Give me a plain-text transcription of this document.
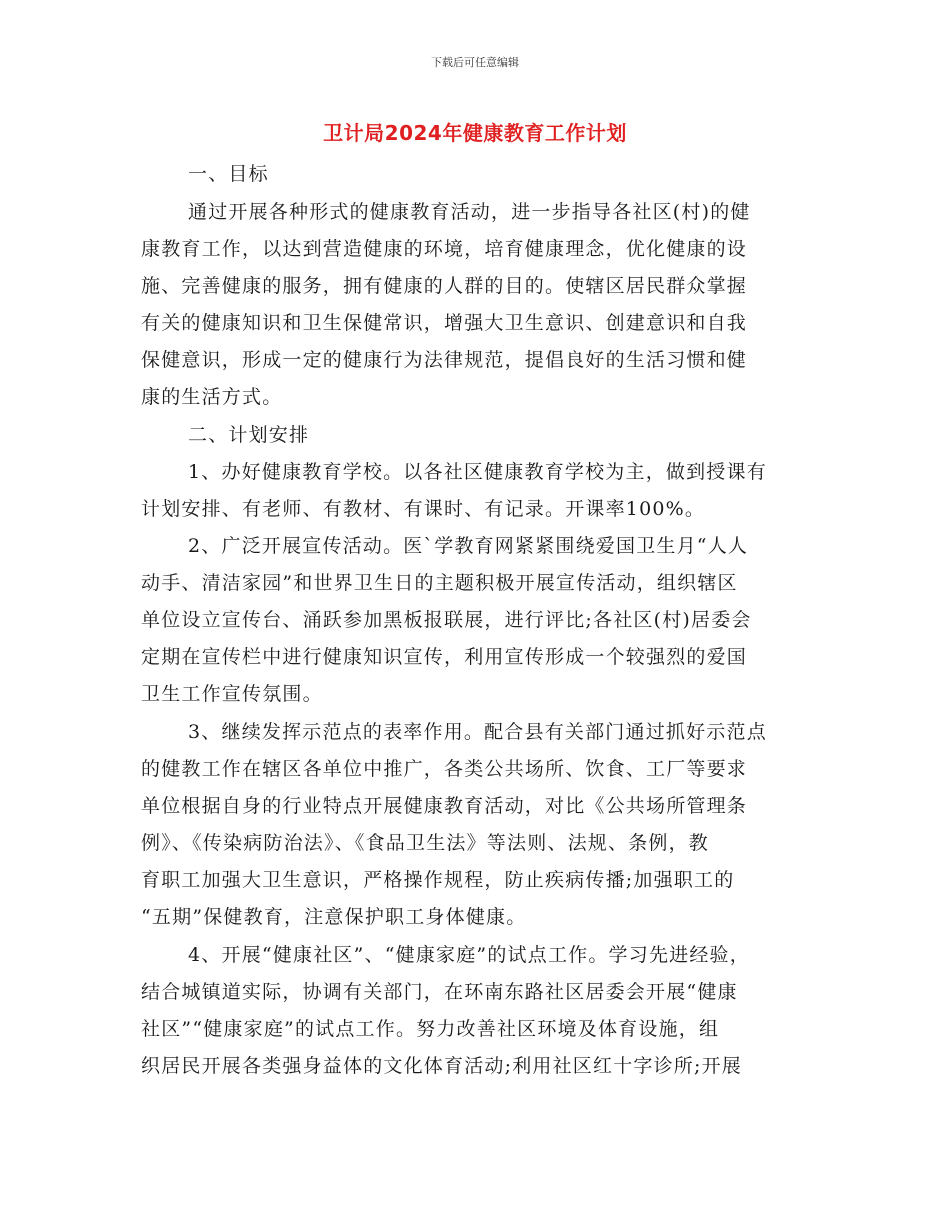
下载后可任意编辑
卫计局2024年健康教育工作计划
一、目标
通过开展各种形式的健康教育活动，进一步指导各社区(村)的健
康教育工作，以达到营造健康的环境，培育健康理念，优化健康的设
施、完善健康的服务，拥有健康的人群的目的。使辖区居民群众掌握
有关的健康知识和卫生保健常识，增强大卫生意识、创建意识和自我
保健意识，形成一定的健康行为法律规范，提倡良好的生活习惯和健
康的生活方式。
二、计划安排
1、办好健康教育学校。以各社区健康教育学校为主，做到授课有
计划安排、有老师、有教材、有课时、有记录。开课率100%。
2、广泛开展宣传活动。医`学教育网紧紧围绕爱国卫生月“人人
动手、清洁家园”和世界卫生日的主题积极开展宣传活动，组织辖区
单位设立宣传台、涌跃参加黑板报联展，进行评比;各社区(村)居委会
定期在宣传栏中进行健康知识宣传，利用宣传形成一个较强烈的爱国
卫生工作宣传氛围。
3、继续发挥示范点的表率作用。配合县有关部门通过抓好示范点
的健教工作在辖区各单位中推广，各类公共场所、饮食、工厂等要求
单位根据自身的行业特点开展健康教育活动，对比《公共场所管理条
例》、《传染病防治法》、《食品卫生法》等法则、法规、条例，教
育职工加强大卫生意识，严格操作规程，防止疾病传播;加强职工的
“五期”保健教育，注意保护职工身体健康。
4、开展“健康社区”、“健康家庭”的试点工作。学习先进经验，
结合城镇道实际，协调有关部门，在环南东路社区居委会开展“健康
社区”“健康家庭”的试点工作。努力改善社区环境及体育设施，组
织居民开展各类强身益体的文化体育活动;利用社区红十字诊所;开展
